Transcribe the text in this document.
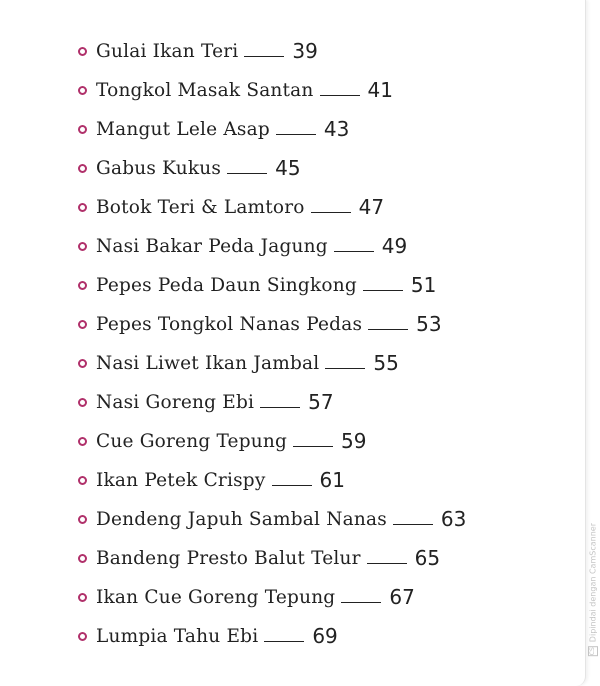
Gulai Ikan Teri	39
Tongkol Masak Santan	41
Mangut Lele Asap	43
Gabus Kukus	45
Botok Teri & Lamtoro	47
Nasi Bakar Peda Jagung	49
Pepes Peda Daun Singkong	51
Pepes Tongkol Nanas Pedas	53
Nasi Liwet Ikan Jambal	55
Nasi Goreng Ebi	57
Cue Goreng Tepung	59
Ikan Petek Crispy	61
Dendeng Japuh Sambal Nanas	63
Bandeng Presto Balut Telur	65
Ikan Cue Goreng Tepung	67
Lumpia Tahu Ebi	69
CS
Dipindai dengan CamScanner
